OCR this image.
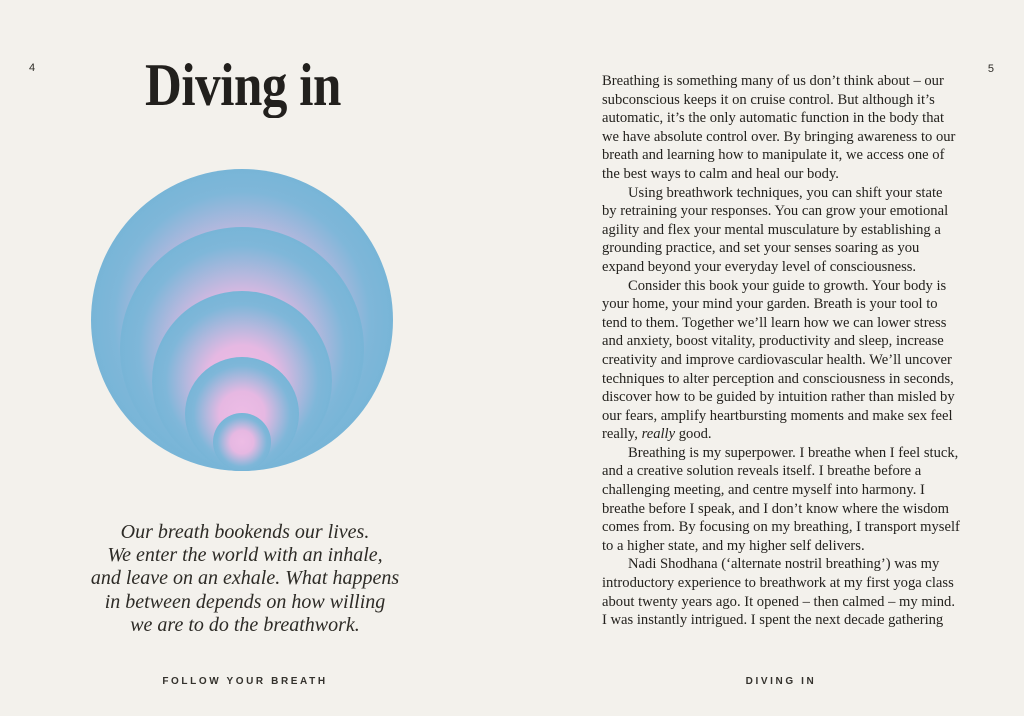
4	Diving in
Our breath bookends our lives.
We enter the world with an inhale,
and leave on an exhale. What happens
in between depends on how willing
we are to do the breathwork.
FOLLOW YOUR BREATH
5

Breathing is something many of us don’t think about – our subconscious keeps it on cruise control. But although it’s automatic, it’s the only automatic function in the body that we have absolute control over. By bringing awareness to our breath and learning how to manipulate it, we access one of the best ways to calm and heal our body.

Using breathwork techniques, you can shift your state by retraining your responses. You can grow your emotional agility and flex your mental musculature by establishing a grounding practice, and set your senses soaring as you expand beyond your everyday level of consciousness.

Consider this book your guide to growth. Your body is your home, your mind your garden. Breath is your tool to tend to them. Together we’ll learn how we can lower stress and anxiety, boost vitality, productivity and sleep, increase creativity and improve cardiovascular health. We’ll uncover techniques to alter perception and consciousness in seconds, discover how to be guided by intuition rather than misled by our fears, amplify heartbursting moments and make sex feel really, really good.

Breathing is my superpower. I breathe when I feel stuck, and a creative solution reveals itself. I breathe before a challenging meeting, and centre myself into harmony. I breathe before I speak, and I don’t know where the wisdom comes from. By focusing on my breathing, I transport myself to a higher state, and my higher self delivers.

Nadi Shodhana (‘alternate nostril breathing’) was my introductory experience to breathwork at my first yoga class about twenty years ago. It opened – then calmed – my mind. I was instantly intrigued. I spent the next decade gathering

DIVING IN
